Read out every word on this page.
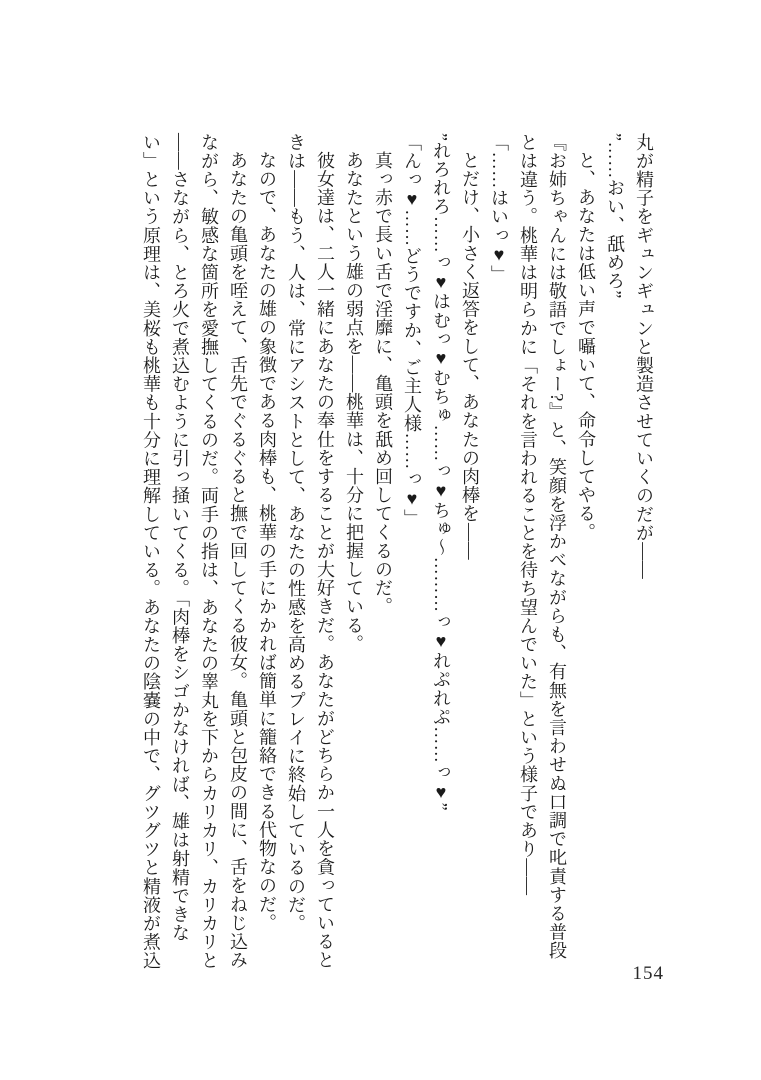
丸が精子をギュンギュンと製造させていくのだが――

”……おい、舐めろ”

と、あなたは低い声で囁いて、命令してやる。

『お姉ちゃんには敬語でしょー?』と、笑顔を浮かべながらも、有無を言わせぬ口調で叱責する普段

とは違う。桃華は明らかに「それを言われることを待ち望んでいた」という様子であり――

「……はいっ♥」

とだけ、小さく返答をして、あなたの肉棒を――

”れろれろ……っ♥はむっ♥むちゅ……っ♥ちゅ〜………っ♥れぷれぷ……っ♥”

「んっ♥……どうですか、ご主人様……っ♥」

真っ赤で長い舌で淫靡に、亀頭を舐め回してくるのだ。

あなたという雄の弱点を――桃華は、十分に把握している。

彼女達は、二人一緒にあなたの奉仕をすることが大好きだ。あなたがどちらか一人を貪っていると

きは――もう、人は、常にアシストとして、あなたの性感を高めるプレイに終始しているのだ。

なので、あなたの雄の象徴である肉棒も、桃華の手にかかれば簡単に籠絡できる代物なのだ。

あなたの亀頭を咥えて、舌先でぐるぐると撫で回してくる彼女。亀頭と包皮の間に、舌をねじ込み

ながら、敏感な箇所を愛撫してくるのだ。両手の指は、あなたの睾丸を下からカリカリ、カリカリと

――さながら、とろ火で煮込むように引っ掻いてくる。「肉棒をシゴかなければ、雄は射精できな

い」という原理は、美桜も桃華も十分に理解している。あなたの陰嚢の中で、グツグツと精液が煮込

154
